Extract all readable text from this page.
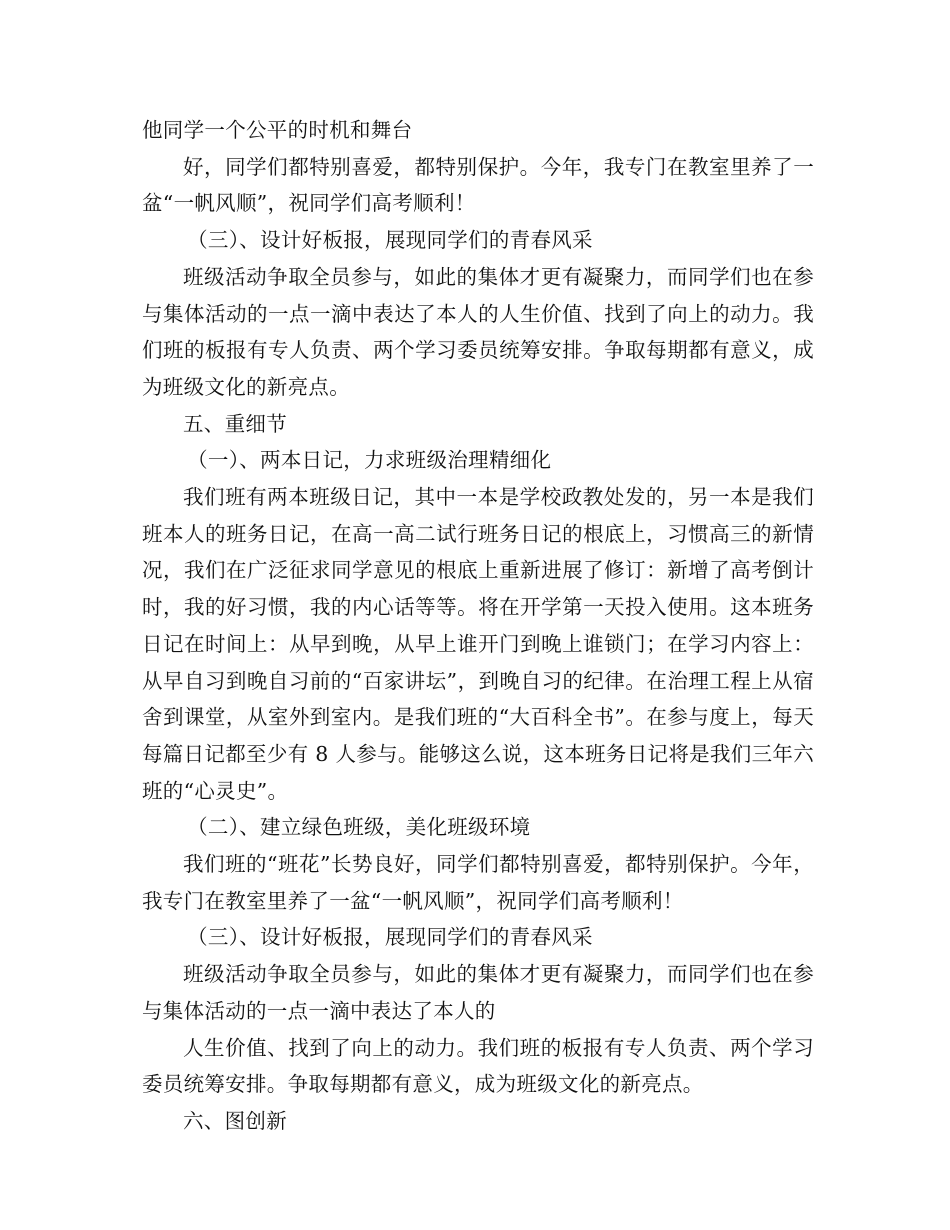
他同学一个公平的时机和舞台

好，同学们都特别喜爱，都特别保护。今年，我专门在教室里养了一盆“一帆风顺”，祝同学们高考顺利！

（三）、设计好板报，展现同学们的青春风采

班级活动争取全员参与，如此的集体才更有凝聚力，而同学们也在参与集体活动的一点一滴中表达了本人的人生价值、找到了向上的动力。我们班的板报有专人负责、两个学习委员统筹安排。争取每期都有意义，成为班级文化的新亮点。

五、重细节

（一）、两本日记，力求班级治理精细化

我们班有两本班级日记，其中一本是学校政教处发的，另一本是我们班本人的班务日记，在高一高二试行班务日记的根底上，习惯高三的新情况，我们在广泛征求同学意见的根底上重新进展了修订：新增了高考倒计时，我的好习惯，我的内心话等等。将在开学第一天投入使用。这本班务日记在时间上：从早到晚，从早上谁开门到晚上谁锁门；在学习内容上：从早自习到晚自习前的“百家讲坛”，到晚自习的纪律。在治理工程上从宿舍到课堂，从室外到室内。是我们班的“大百科全书”。在参与度上，每天每篇日记都至少有 8 人参与。能够这么说，这本班务日记将是我们三年六班的“心灵史”。

（二）、建立绿色班级，美化班级环境

我们班的“班花”长势良好，同学们都特别喜爱，都特别保护。今年，我专门在教室里养了一盆“一帆风顺”，祝同学们高考顺利！

（三）、设计好板报，展现同学们的青春风采

班级活动争取全员参与，如此的集体才更有凝聚力，而同学们也在参与集体活动的一点一滴中表达了本人的

人生价值、找到了向上的动力。我们班的板报有专人负责、两个学习委员统筹安排。争取每期都有意义，成为班级文化的新亮点。

六、图创新
